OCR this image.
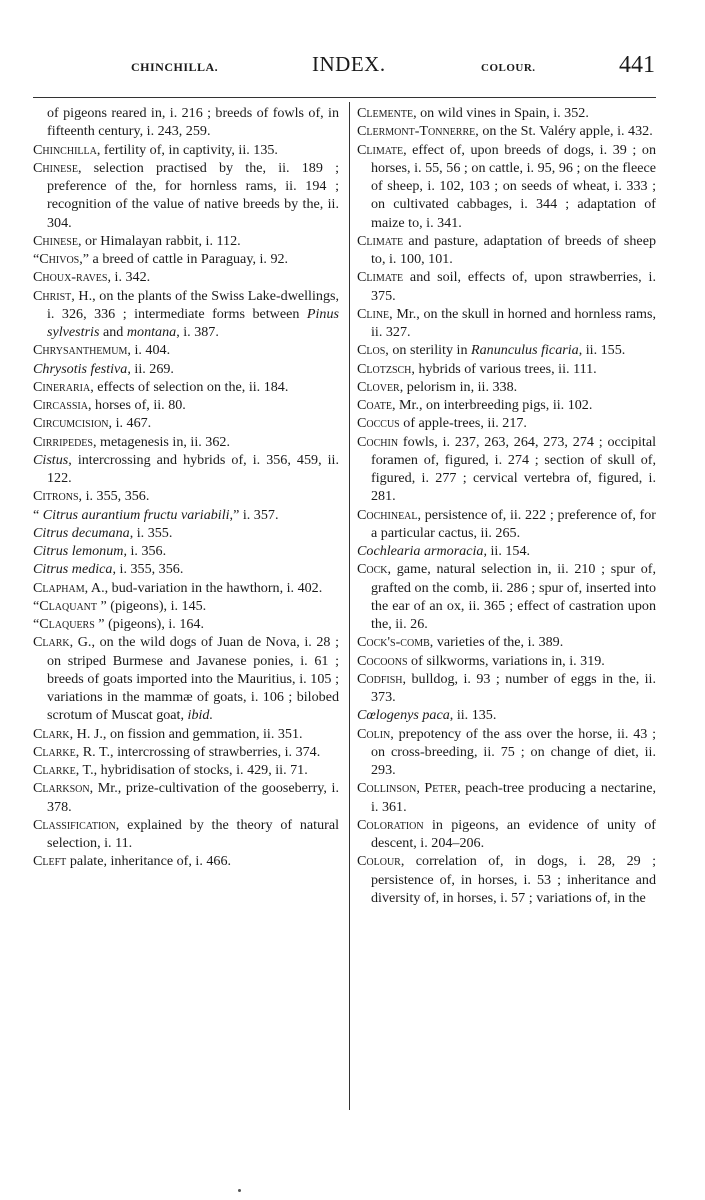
CHINCHILLA.	INDEX.	COLOUR.	441
of pigeons reared in, i. 216 ; breeds of fowls of, in fifteenth century, i. 243, 259.
Chinchilla, fertility of, in captivity, ii. 135.
Chinese, selection practised by the, ii. 189 ; preference of the, for hornless rams, ii. 194 ; recognition of the value of native breeds by the, ii. 304.
Chinese, or Himalayan rabbit, i. 112.
“Chivos,” a breed of cattle in Paraguay, i. 92.
Choux-raves, i. 342.
Christ, H., on the plants of the Swiss Lake-dwellings, i. 326, 336 ; intermediate forms between Pinus sylvestris and montana, i. 387.
Chrysanthemum, i. 404.
Chrysotis festiva, ii. 269.
Cineraria, effects of selection on the, ii. 184.
Circassia, horses of, ii. 80.
Circumcision, i. 467.
Cirripedes, metagenesis in, ii. 362.
Cistus, intercrossing and hybrids of, i. 356, 459, ii. 122.
Citrons, i. 355, 356.
“ Citrus aurantium fructu variabili,” i. 357.
Citrus decumana, i. 355.
Citrus lemonum, i. 356.
Citrus medica, i. 355, 356.
Clapham, A., bud-variation in the hawthorn, i. 402.
“Claquant ” (pigeons), i. 145.
“Claquers ” (pigeons), i. 164.
Clark, G., on the wild dogs of Juan de Nova, i. 28 ; on striped Burmese and Javanese ponies, i. 61 ; breeds of goats imported into the Mauritius, i. 105 ; variations in the mammæ of goats, i. 106 ; bilobed scrotum of Muscat goat, ibid.
Clark, H. J., on fission and gemmation, ii. 351.
Clarke, R. T., intercrossing of strawberries, i. 374.
Clarke, T., hybridisation of stocks, i. 429, ii. 71.
Clarkson, Mr., prize-cultivation of the gooseberry, i. 378.
Classification, explained by the theory of natural selection, i. 11.
Cleft palate, inheritance of, i. 466.
Clemente, on wild vines in Spain, i. 352.
Clermont-Tonnerre, on the St. Valéry apple, i. 432.
Climate, effect of, upon breeds of dogs, i. 39 ; on horses, i. 55, 56 ; on cattle, i. 95, 96 ; on the fleece of sheep, i. 102, 103 ; on seeds of wheat, i. 333 ; on cultivated cabbages, i. 344 ; adaptation of maize to, i. 341.
Climate and pasture, adaptation of breeds of sheep to, i. 100, 101.
Climate and soil, effects of, upon strawberries, i. 375.
Cline, Mr., on the skull in horned and hornless rams, ii. 327.
Clos, on sterility in Ranunculus ficaria, ii. 155.
Clotzsch, hybrids of various trees, ii. 111.
Clover, pelorism in, ii. 338.
Coate, Mr., on interbreeding pigs, ii. 102.
Coccus of apple-trees, ii. 217.
Cochin fowls, i. 237, 263, 264, 273, 274 ; occipital foramen of, figured, i. 274 ; section of skull of, figured, i. 277 ; cervical vertebra of, figured, i. 281.
Cochineal, persistence of, ii. 222 ; preference of, for a particular cactus, ii. 265.
Cochlearia armoracia, ii. 154.
Cock, game, natural selection in, ii. 210 ; spur of, grafted on the comb, ii. 286 ; spur of, inserted into the ear of an ox, ii. 365 ; effect of castration upon the, ii. 26.
Cock's-comb, varieties of the, i. 389.
Cocoons of silkworms, variations in, i. 319.
Codfish, bulldog, i. 93 ; number of eggs in the, ii. 373.
Cœlogenys paca, ii. 135.
Colin, prepotency of the ass over the horse, ii. 43 ; on cross-breeding, ii. 75 ; on change of diet, ii. 293.
Collinson, Peter, peach-tree producing a nectarine, i. 361.
Coloration in pigeons, an evidence of unity of descent, i. 204–206.
Colour, correlation of, in dogs, i. 28, 29 ; persistence of, in horses, i. 53 ; inheritance and diversity of, in horses, i. 57 ; variations of, in the
